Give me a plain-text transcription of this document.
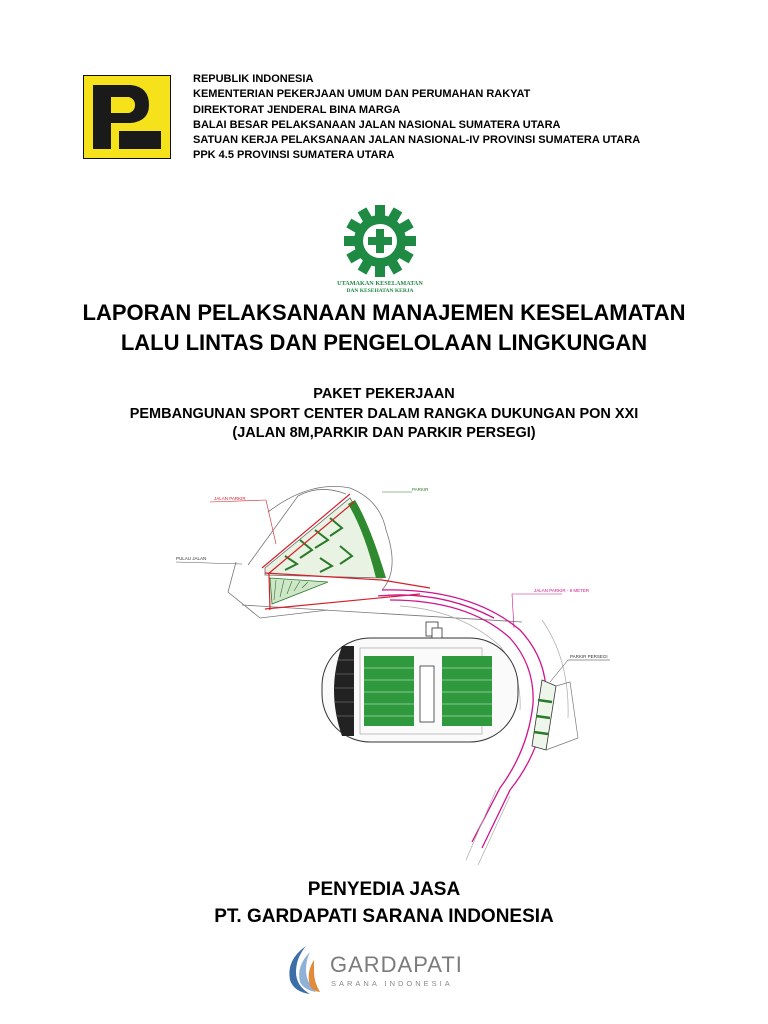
REPUBLIK INDONESIA
KEMENTERIAN PEKERJAAN UMUM DAN PERUMAHAN RAKYAT
DIREKTORAT JENDERAL BINA MARGA
BALAI BESAR PELAKSANAAN JALAN NASIONAL SUMATERA UTARA
SATUAN KERJA PELAKSANAAN JALAN NASIONAL-IV PROVINSI SUMATERA UTARA
PPK 4.5 PROVINSI SUMATERA UTARA
UTAMAKAN KESELAMATAN
DAN KESEHATAN KERJA
LAPORAN PELAKSANAAN MANAJEMEN KESELAMATAN
LALU LINTAS DAN PENGELOLAAN LINGKUNGAN
PAKET PEKERJAAN
PEMBANGUNAN SPORT CENTER DALAM RANGKA DUKUNGAN PON XXI
(JALAN 8M,PARKIR DAN PARKIR PERSEGI)
JALAN PARKIR
PARKIR
PULAU JALAN
JALAN PARKIR - 8 METER
PARKIR PERSEGI
PENYEDIA JASA
PT. GARDAPATI SARANA INDONESIA
GARDAPATI
SARANA INDONESIA
